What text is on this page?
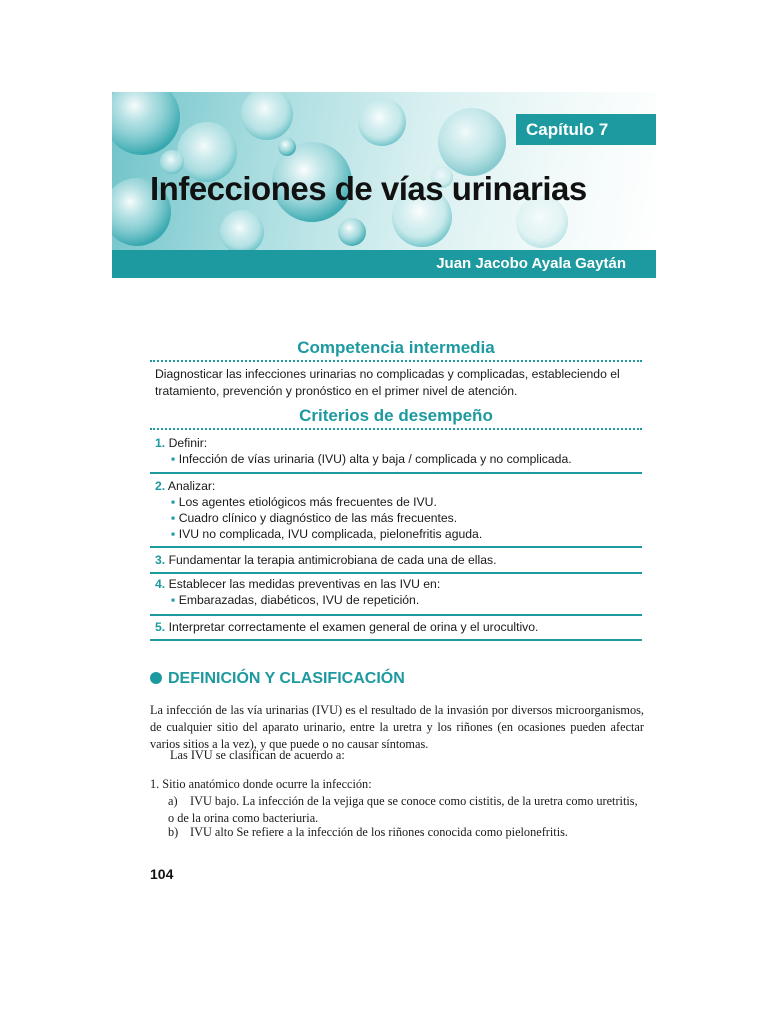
Capítulo 7
Infecciones de vías urinarias
Juan Jacobo Ayala Gaytán
Competencia intermedia
Diagnosticar las infecciones urinarias no complicadas y complicadas, estableciendo el tratamiento, prevención y pronóstico en el primer nivel de atención.
Criterios de desempeño
1. Definir:
▪ Infección de vías urinaria (IVU) alta y baja / complicada y no complicada.
2. Analizar:
▪ Los agentes etiológicos más frecuentes de IVU.
▪ Cuadro clínico y diagnóstico de las más frecuentes.
▪ IVU no complicada, IVU complicada, pielonefritis aguda.
3. Fundamentar la terapia antimicrobiana de cada una de ellas.
4. Establecer las medidas preventivas en las IVU en:
▪ Embarazadas, diabéticos, IVU de repetición.
5. Interpretar correctamente el examen general de orina y el urocultivo.
DEFINICIÓN Y CLASIFICACIÓN
La infección de las vía urinarias (IVU) es el resultado de la invasión por diversos microorganismos, de cualquier sitio del aparato urinario, entre la uretra y los riñones (en ocasiones pueden afectar varios sitios a la vez), y que puede o no causar síntomas.
Las IVU se clasifican de acuerdo a:
1. Sitio anatómico donde ocurre la infección:
a) IVU bajo. La infección de la vejiga que se conoce como cistitis, de la uretra como uretritis, o de la orina como bacteriuria.
b) IVU alto Se refiere a la infección de los riñones conocida como pielonefritis.
104
